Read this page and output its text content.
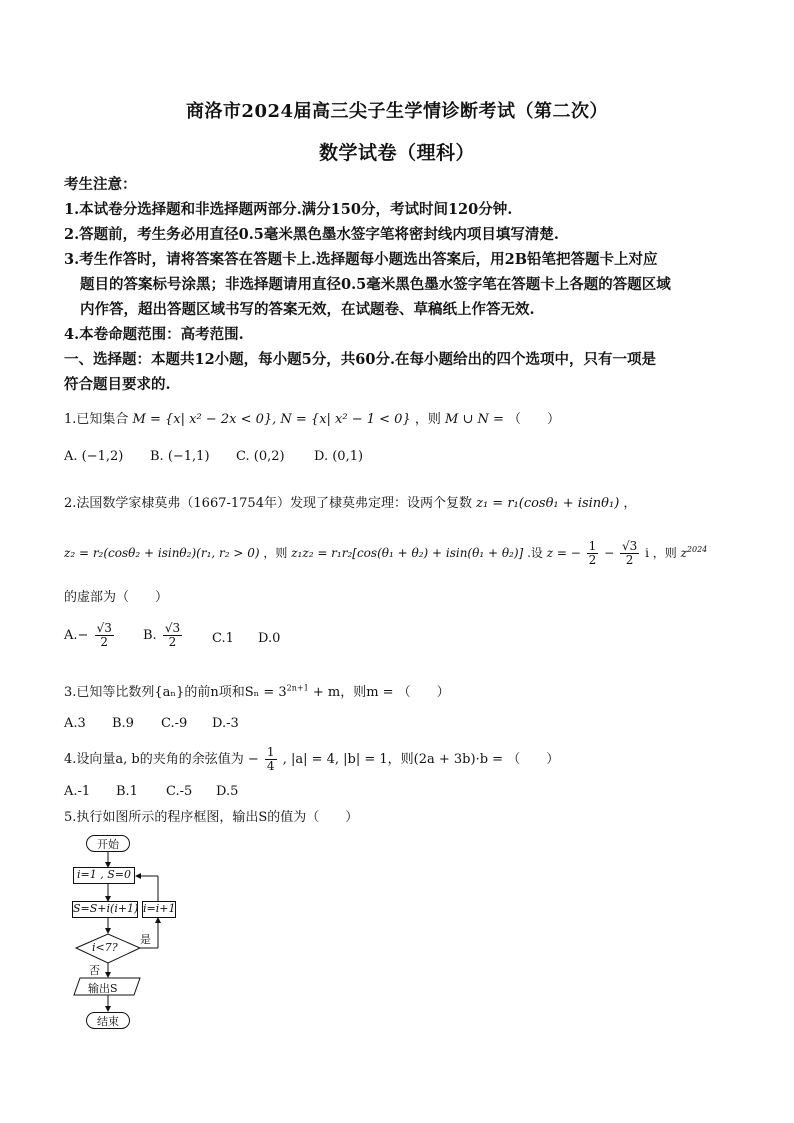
商洛市2024届高三尖子生学情诊断考试（第二次）
数学试卷（理科）
考生注意：
1.本试卷分选择题和非选择题两部分.满分150分，考试时间120分钟.
2.答题前，考生务必用直径0.5毫米黑色墨水签字笔将密封线内项目填写清楚.
3.考生作答时，请将答案答在答题卡上.选择题每小题选出答案后，用2B铅笔把答题卡上对应
题目的答案标号涂黑；非选择题请用直径0.5毫米黑色墨水签字笔在答题卡上各题的答题区域
内作答，超出答题区域书写的答案无效，在试题卷、草稿纸上作答无效.
4.本卷命题范围：高考范围.
一、选择题：本题共12小题，每小题5分，共60分.在每小题给出的四个选项中，只有一项是
符合题目要求的.
1.已知集合 M = {x| x² − 2x < 0}, N = {x| x² − 1 < 0} ，则 M ∪ N = （　　）
A. (−1,2) B. (−1,1) C. (0,2) D. (0,1)
2.法国数学家棣莫弗（1667-1754年）发现了棣莫弗定理：设两个复数 z₁ = r₁(cosθ₁ + isinθ₁) ，
z₂ = r₂(cosθ₂ + isinθ₂)(r₁, r₂ > 0) ，则 z₁z₂ = r₁r₂[cos(θ₁ + θ₂) + isin(θ₁ + θ₂)] .设 z = − $\frac{1}{2} - \frac{√3}{2}$ i ，则 $z^{2024}$
的虚部为（　　）
$A.- \frac{√3}{2} B$. $\frac{√3}{2} C.1$ D.0
3.已知等比数列{aₙ}的前n项和$S_n = 3^{2n+1} + m$，则m = （　　）
A.3 B.9 C.-9 D.-3
4.设向量a, b的夹角的余弦值为 − $\frac{1}{4}$ , |a| = 4, |b| = 1，则(2a + 3b)·b = （　　）
A.-1 B.1 C.-5 D.5
5.执行如图所示的程序框图，输出S的值为（　　）
开始
i=1 , S=0
S=S+i(i+1) i=i+1
i<7?
是
否
输出S
结束
